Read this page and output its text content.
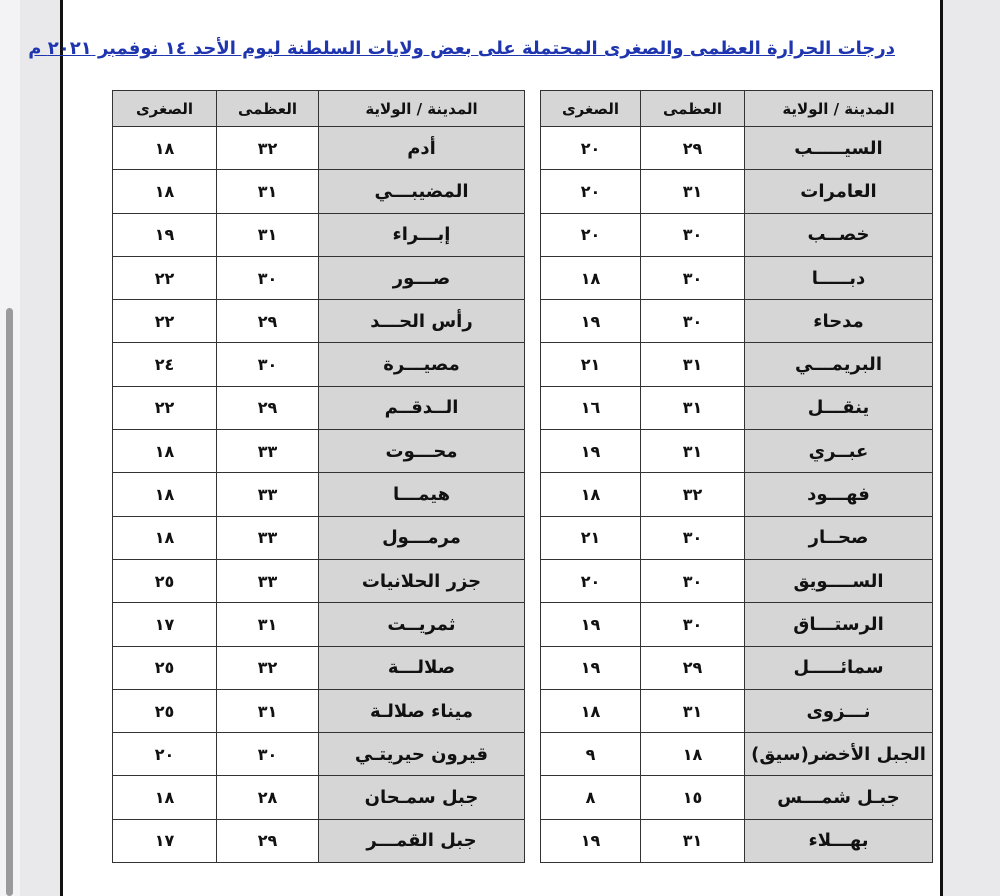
درجات الحرارة العظمى والصغرى المحتملة على بعض ولايات السلطنة ليوم الأحد ١٤ نوفمبر ٢٠٢١ م
المدينة / الولاية	العظمى	الصغرى
السيـــــب	٢٩	٢٠
العامرات	٣١	٢٠
خصــب	٣٠	٢٠
دبـــــا	٣٠	١٨
مدحاء	٣٠	١٩
البريمـــي	٣١	٢١
ينقـــل	٣١	١٦
عبــري	٣١	١٩
فهـــود	٣٢	١٨
صحــار	٣٠	٢١
الســــويق	٣٠	٢٠
الرستـــاق	٣٠	١٩
سمائـــــل	٢٩	١٩
نـــزوى	٣١	١٨
الجبل الأخضر(سيق)	١٨	٩
جبـل شمـــس	١٥	٨
بهـــلاء	٣١	١٩
المدينة / الولاية	العظمى	الصغرى
أدم	٣٢	١٨
المضيبـــي	٣١	١٨
إبـــراء	٣١	١٩
صـــور	٣٠	٢٢
رأس الحـــد	٢٩	٢٢
مصيـــرة	٣٠	٢٤
الــدقــم	٢٩	٢٢
محـــوت	٣٣	١٨
هيمـــا	٣٣	١٨
مرمـــول	٣٣	١٨
جزر الحلانيات	٣٣	٢٥
ثمريــت	٣١	١٧
صلالـــة	٣٢	٢٥
ميناء صلالـة	٣١	٢٥
قيرون حيريتـي	٣٠	٢٠
جبل سمـحان	٢٨	١٨
جبل القمـــر	٢٩	١٧
